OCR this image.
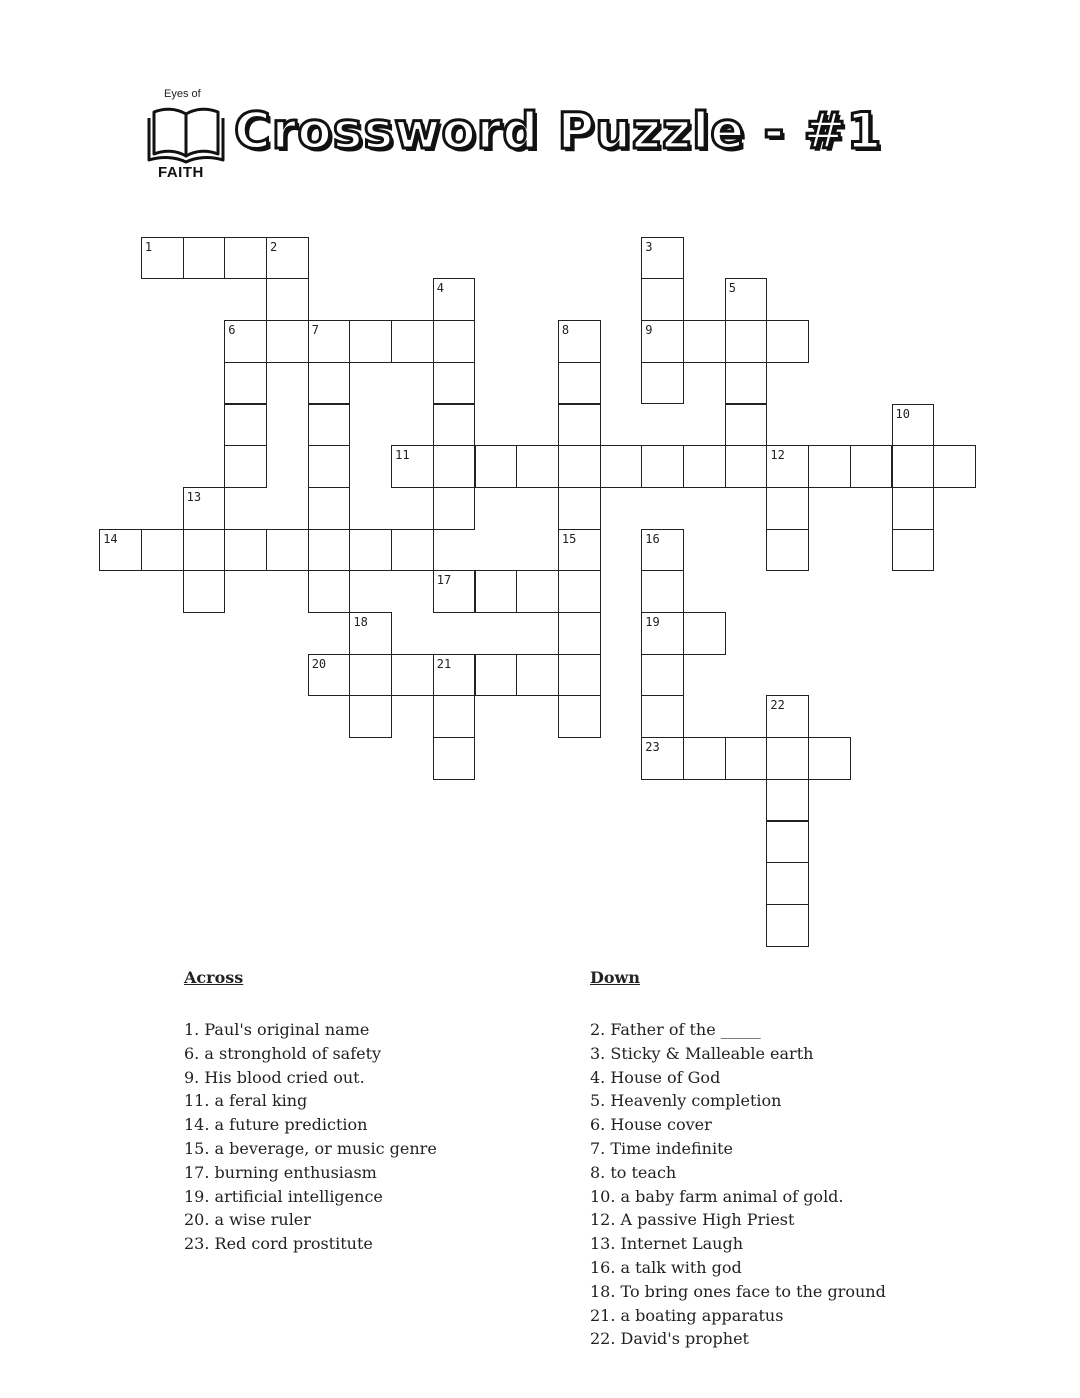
Eyes of
FAITH
Crossword Puzzle - #1
1	2	3
4	5
6	7	8	9
10
11	12
13
14	15	16
17
18	19
20	21
22
23
Across
1. Paul's original name
6. a stronghold of safety
9. His blood cried out.
11. a feral king
14. a future prediction
15. a beverage, or music genre
17. burning enthusiasm
19. artificial intelligence
20. a wise ruler
23. Red cord prostitute
Down
2. Father of the _____
3. Sticky & Malleable earth
4. House of God
5. Heavenly completion
6. House cover
7. Time indefinite
8. to teach
10. a baby farm animal of gold.
12. A passive High Priest
13. Internet Laugh
16. a talk with god
18. To bring ones face to the ground
21. a boating apparatus
22. David's prophet
